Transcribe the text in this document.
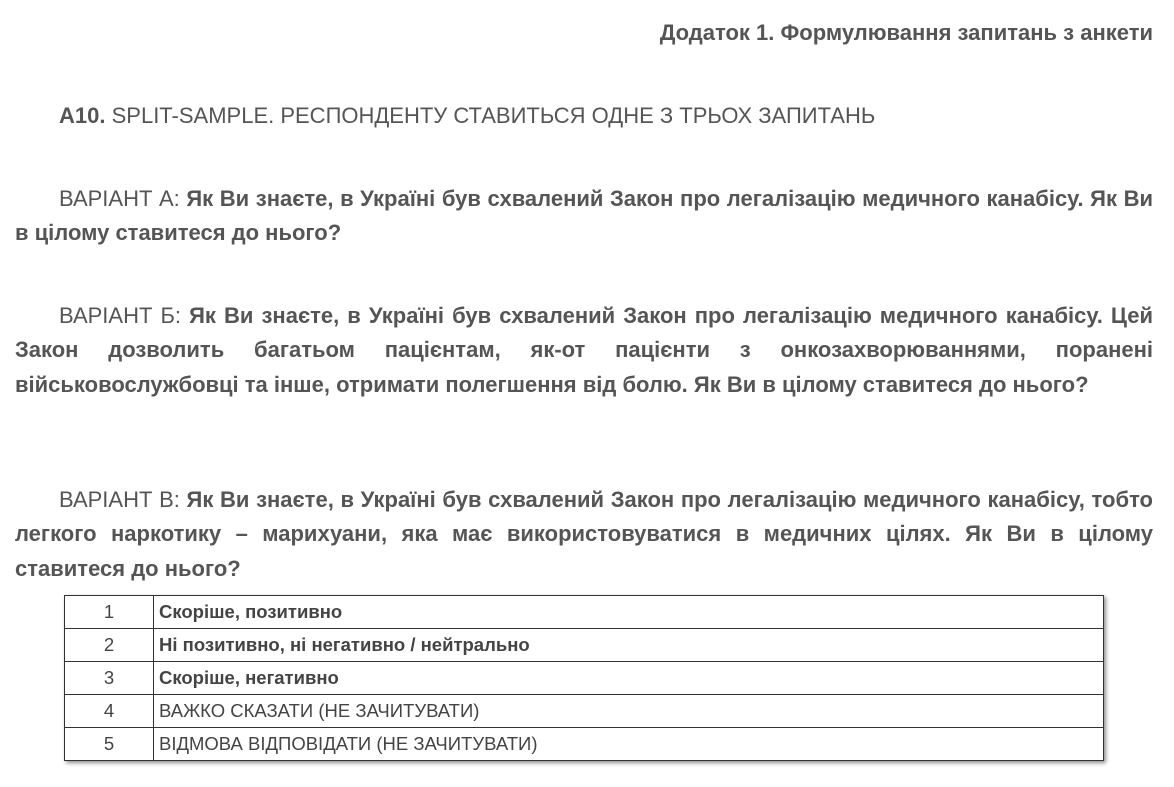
Додаток 1. Формулювання запитань з анкети
А10. SPLIT-SAMPLE. РЕСПОНДЕНТУ СТАВИТЬСЯ ОДНЕ З ТРЬОХ ЗАПИТАНЬ

ВАРІАНТ А: Як Ви знаєте, в Україні був схвалений Закон про легалізацію медичного канабісу. Як Ви в цілому ставитеся до нього?

ВАРІАНТ Б: Як Ви знаєте, в Україні був схвалений Закон про легалізацію медичного канабісу. Цей Закон дозволить багатьом пацієнтам, як-от пацієнти з онкозахворюваннями, поранені військовослужбовці та інше, отримати полегшення від болю. Як Ви в цілому ставитеся до нього?

ВАРІАНТ В: Як Ви знаєте, в Україні був схвалений Закон про легалізацію медичного канабісу, тобто легкого наркотику – марихуани, яка має використовуватися в медичних цілях. Як Ви в цілому ставитеся до нього?

1	Скоріше, позитивно
2	Ні позитивно, ні негативно / нейтрально
3	Скоріше, негативно
4	ВАЖКО СКАЗАТИ (НЕ ЗАЧИТУВАТИ)
5	ВІДМОВА ВІДПОВІДАТИ (НЕ ЗАЧИТУВАТИ)
